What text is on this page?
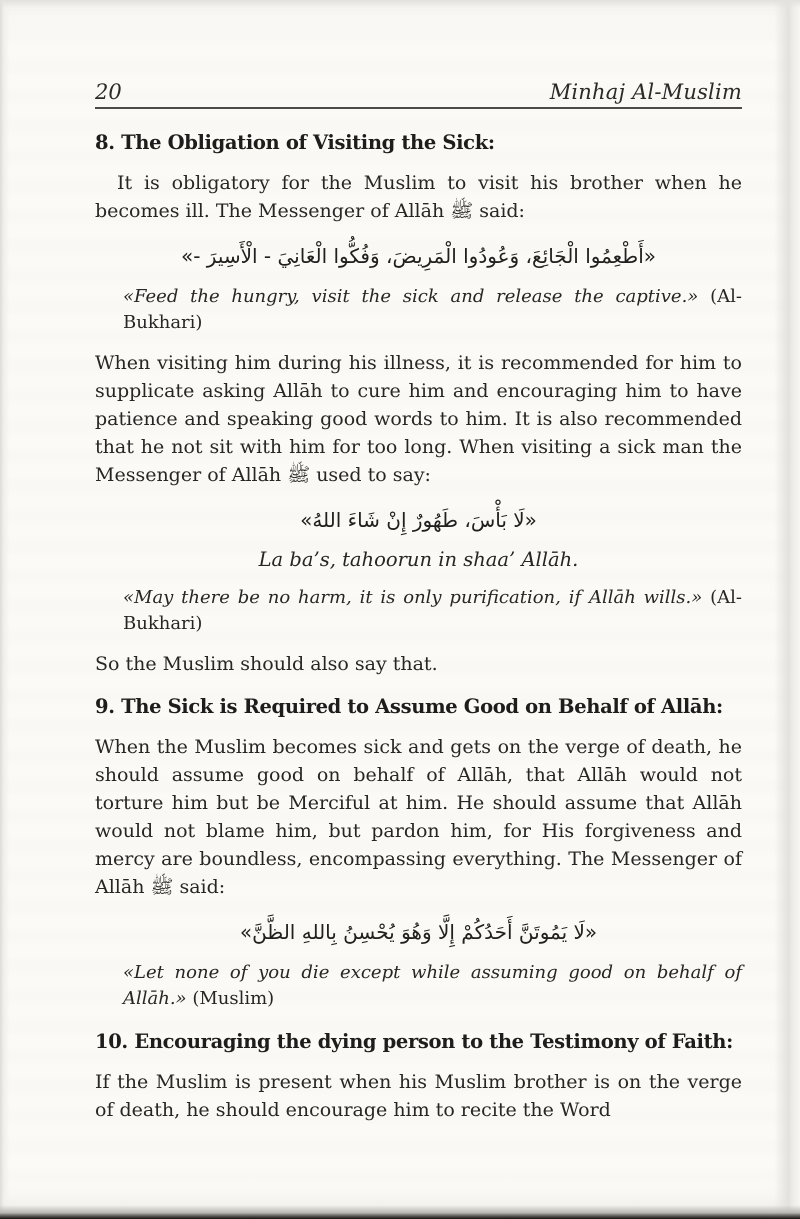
20	Minhaj Al-Muslim
8. The Obligation of Visiting the Sick:
It is obligatory for the Muslim to visit his brother when he becomes ill. The Messenger of Allāh ﷺ said:
«أَطْعِمُوا الْجَائِعَ، وَعُودُوا الْمَرِيضَ، وَفُكُّوا الْعَانِيَ - الْأَسِيرَ -»
«Feed the hungry, visit the sick and release the captive.» (Al-Bukhari)
When visiting him during his illness, it is recommended for him to supplicate asking Allāh to cure him and encouraging him to have patience and speaking good words to him. It is also recommended that he not sit with him for too long. When visiting a sick man the Messenger of Allāh ﷺ used to say:
«لَا بَأْسَ، طَهُورٌ إِنْ شَاءَ اللهُ»
La ba’s, tahoorun in shaa’ Allāh.
«May there be no harm, it is only purification, if Allāh wills.» (Al-Bukhari)
So the Muslim should also say that.
9. The Sick is Required to Assume Good on Behalf of Allāh:
When the Muslim becomes sick and gets on the verge of death, he should assume good on behalf of Allāh, that Allāh would not torture him but be Merciful at him. He should assume that Allāh would not blame him, but pardon him, for His forgiveness and mercy are boundless, encompassing everything. The Messenger of Allāh ﷺ said:
«لَا يَمُوتَنَّ أَحَدُكُمْ إِلَّا وَهُوَ يُحْسِنُ بِاللهِ الظَّنَّ»
«Let none of you die except while assuming good on behalf of Allāh.» (Muslim)
10. Encouraging the dying person to the Testimony of Faith:
If the Muslim is present when his Muslim brother is on the verge of death, he should encourage him to recite the Word
